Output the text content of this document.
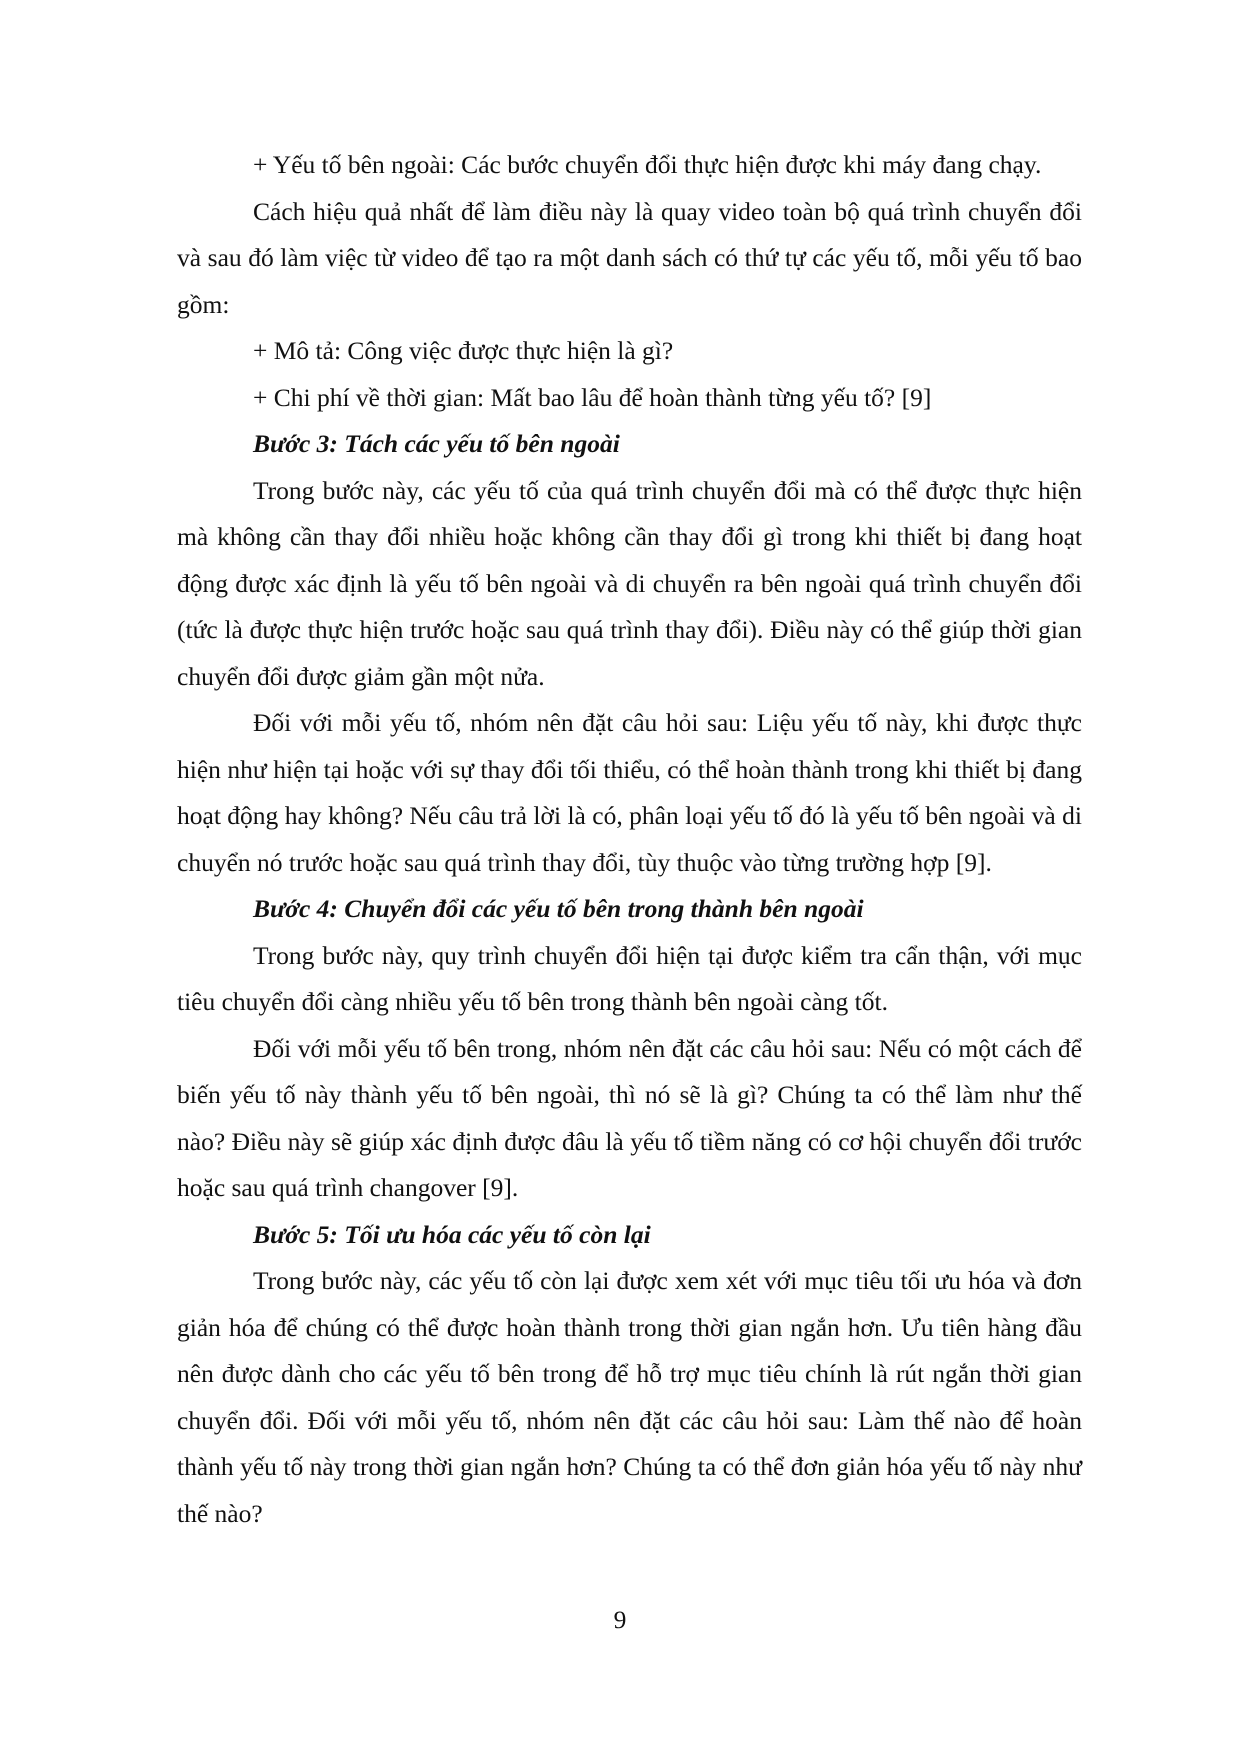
+ Yếu tố bên ngoài: Các bước chuyển đổi thực hiện được khi máy đang chạy.

Cách hiệu quả nhất để làm điều này là quay video toàn bộ quá trình chuyển đổi và sau đó làm việc từ video để tạo ra một danh sách có thứ tự các yếu tố, mỗi yếu tố bao gồm:

+ Mô tả: Công việc được thực hiện là gì?

+ Chi phí về thời gian: Mất bao lâu để hoàn thành từng yếu tố? [9]

Bước 3: Tách các yếu tố bên ngoài

Trong bước này, các yếu tố của quá trình chuyển đổi mà có thể được thực hiện mà không cần thay đổi nhiều hoặc không cần thay đổi gì trong khi thiết bị đang hoạt động được xác định là yếu tố bên ngoài và di chuyển ra bên ngoài quá trình chuyển đổi (tức là được thực hiện trước hoặc sau quá trình thay đổi). Điều này có thể giúp thời gian chuyển đổi được giảm gần một nửa.

Đối với mỗi yếu tố, nhóm nên đặt câu hỏi sau: Liệu yếu tố này, khi được thực hiện như hiện tại hoặc với sự thay đổi tối thiểu, có thể hoàn thành trong khi thiết bị đang hoạt động hay không? Nếu câu trả lời là có, phân loại yếu tố đó là yếu tố bên ngoài và di chuyển nó trước hoặc sau quá trình thay đổi, tùy thuộc vào từng trường hợp [9].

Bước 4: Chuyển đổi các yếu tố bên trong thành bên ngoài

Trong bước này, quy trình chuyển đổi hiện tại được kiểm tra cẩn thận, với mục tiêu chuyển đổi càng nhiều yếu tố bên trong thành bên ngoài càng tốt.

Đối với mỗi yếu tố bên trong, nhóm nên đặt các câu hỏi sau: Nếu có một cách để biến yếu tố này thành yếu tố bên ngoài, thì nó sẽ là gì? Chúng ta có thể làm như thế nào? Điều này sẽ giúp xác định được đâu là yếu tố tiềm năng có cơ hội chuyển đổi trước hoặc sau quá trình changover [9].

Bước 5: Tối ưu hóa các yếu tố còn lại

Trong bước này, các yếu tố còn lại được xem xét với mục tiêu tối ưu hóa và đơn giản hóa để chúng có thể được hoàn thành trong thời gian ngắn hơn. Ưu tiên hàng đầu nên được dành cho các yếu tố bên trong để hỗ trợ mục tiêu chính là rút ngắn thời gian chuyển đổi. Đối với mỗi yếu tố, nhóm nên đặt các câu hỏi sau: Làm thế nào để hoàn thành yếu tố này trong thời gian ngắn hơn? Chúng ta có thể đơn giản hóa yếu tố này như thế nào?

9
